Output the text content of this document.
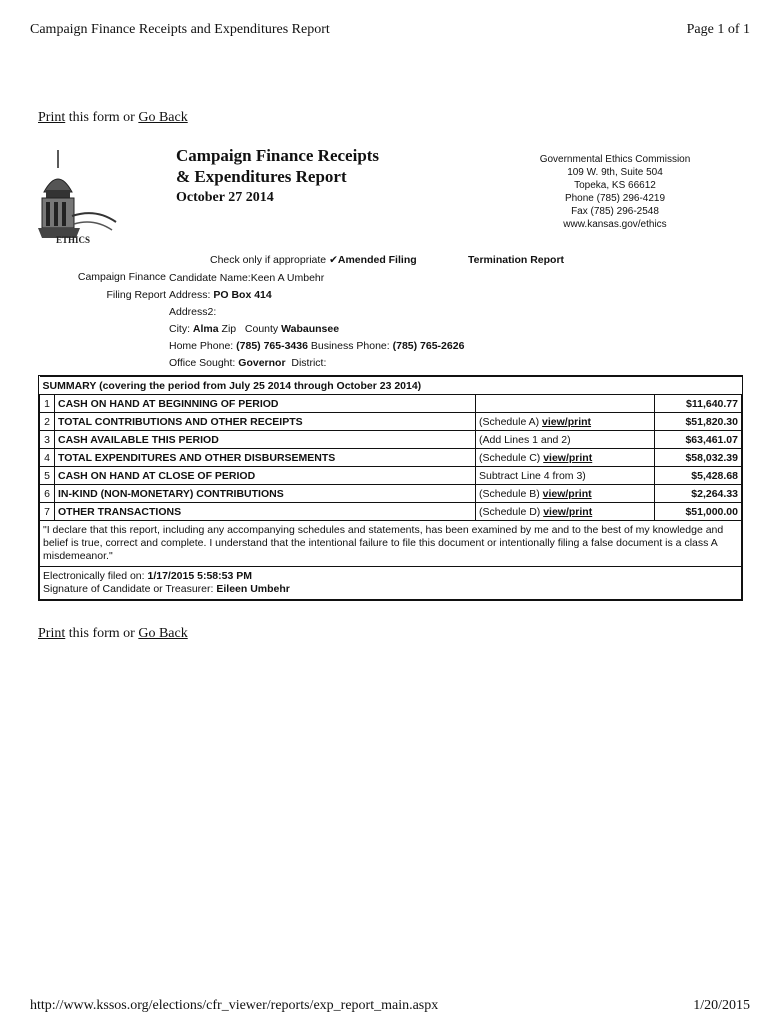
Campaign Finance Receipts and Expenditures Report	Page 1 of 1
Print this form or Go Back
ETHICS
Campaign Finance Receipts
& Expenditures Report
October 27 2014
Governmental Ethics Commission
109 W. 9th, Suite 504
Topeka, KS 66612
Phone (785) 296-4219
Fax (785) 296-2548
www.kansas.gov/ethics
Check only if appropriate ✔Amended Filing	Termination Report
Campaign Finance
Filing Report
Candidate Name:Keen A Umbehr
Address: PO Box 414
Address2:
City: Alma Zip County Wabaunsee
Home Phone: (785) 765-3436 Business Phone: (785) 765-2626
Office Sought: Governor District:
SUMMARY (covering the period from July 25 2014 through October 23 2014)			
1	CASH ON HAND AT BEGINNING OF PERIOD		$11,640.77
2	TOTAL CONTRIBUTIONS AND OTHER RECEIPTS	(Schedule A) view/print	$51,820.30
3	CASH AVAILABLE THIS PERIOD	(Add Lines 1 and 2)	$63,461.07
4	TOTAL EXPENDITURES AND OTHER DISBURSEMENTS	(Schedule C) view/print	$58,032.39
5	CASH ON HAND AT CLOSE OF PERIOD	Subtract Line 4 from 3)	$5,428.68
6	IN-KIND (NON-MONETARY) CONTRIBUTIONS	(Schedule B) view/print	$2,264.33
7	OTHER TRANSACTIONS	(Schedule D) view/print	$51,000.00
"I declare that this report, including any accompanying schedules and statements, has been examined by me and to the best of my knowledge and belief is true, correct and complete. I understand that the intentional failure to file this document or intentionally filing a false document is a class A misdemeanor."			

Electronically filed on: 1/17/2015 5:58:53 PM
Signature of Candidate or Treasurer: Eileen Umbehr			
Print this form or Go Back
http://www.kssos.org/elections/cfr_viewer/reports/exp_report_main.aspx	1/20/2015
